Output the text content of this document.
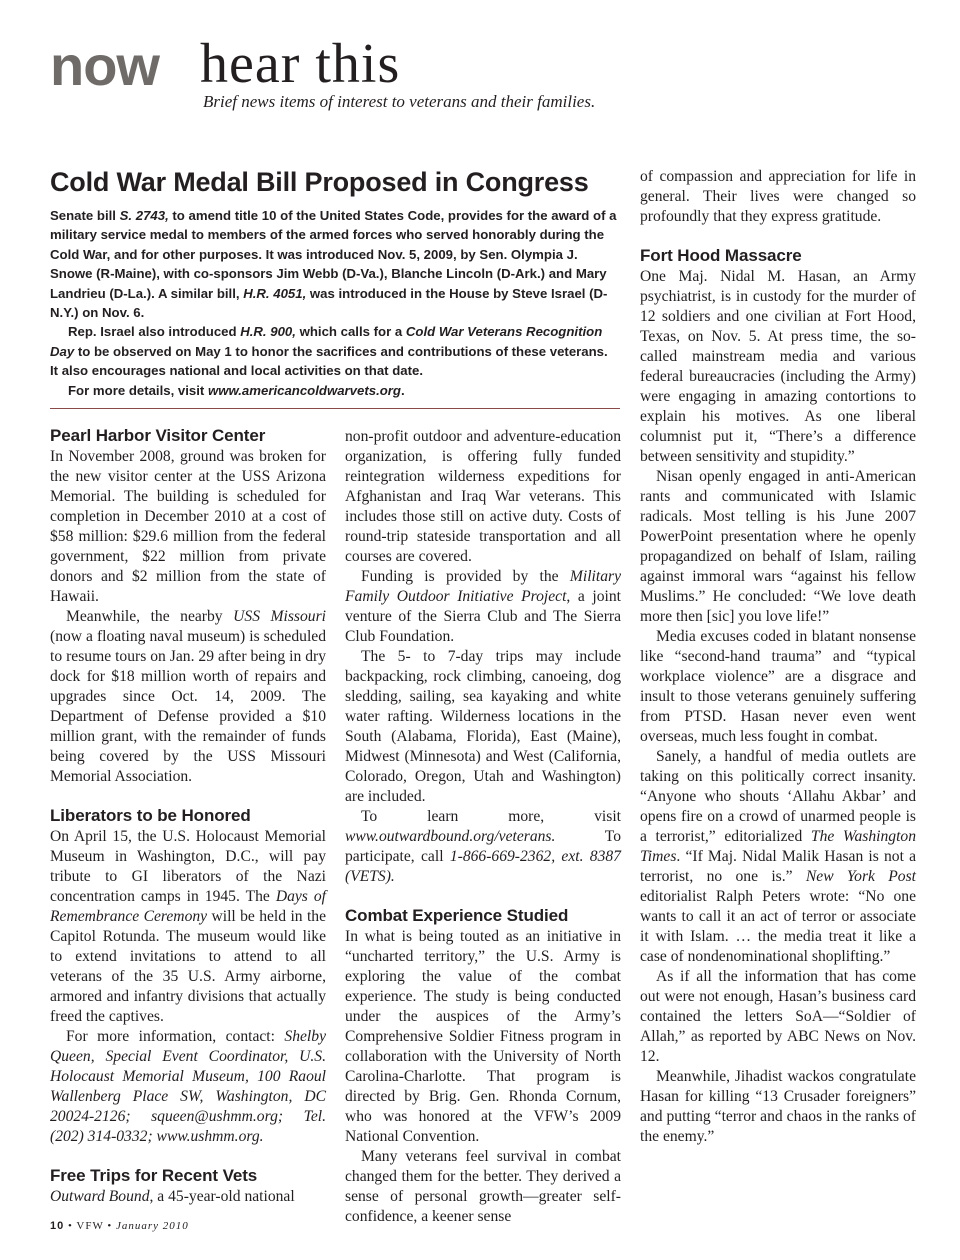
now hear this
Brief news items of interest to veterans and their families.
Cold War Medal Bill Proposed in Congress

Senate bill S. 2743, to amend title 10 of the United States Code, provides for the award of a military service medal to members of the armed forces who served honorably during the Cold War, and for other purposes. It was introduced Nov. 5, 2009, by Sen. Olympia J. Snowe (R-Maine), with co-sponsors Jim Webb (D-Va.), Blanche Lincoln (D-Ark.) and Mary Landrieu (D-La.). A similar bill, H.R. 4051, was introduced in the House by Steve Israel (D-N.Y.) on Nov. 6.

Rep. Israel also introduced H.R. 900, which calls for a Cold War Veterans Recognition Day to be observed on May 1 to honor the sacrifices and contributions of these veterans. It also encourages national and local activities on that date.

For more details, visit www.americancoldwarvets.org.

Pearl Harbor Visitor Center

In November 2008, ground was broken for the new visitor center at the USS Arizona Memorial. The building is scheduled for completion in December 2010 at a cost of $58 million: $29.6 million from the federal government, $22 million from private donors and $2 million from the state of Hawaii.

Meanwhile, the nearby USS Missouri (now a floating naval museum) is scheduled to resume tours on Jan. 29 after being in dry dock for $18 million worth of repairs and upgrades since Oct. 14, 2009. The Department of Defense provided a $10 million grant, with the remainder of funds being covered by the USS Missouri Memorial Association.

Liberators to be Honored

On April 15, the U.S. Holocaust Memorial Museum in Washington, D.C., will pay tribute to GI liberators of the Nazi concentration camps in 1945. The Days of Remembrance Ceremony will be held in the Capitol Rotunda. The museum would like to extend invitations to attend to all veterans of the 35 U.S. Army airborne, armored and infantry divisions that actually freed the captives.

For more information, contact: Shelby Queen, Special Event Coordinator, U.S. Holocaust Memorial Museum, 100 Raoul Wallenberg Place SW, Washington, DC 20024-2126; squeen@ushmm.org; Tel. (202) 314-0332; www.ushmm.org.

Free Trips for Recent Vets

Outward Bound, a 45-year-old national

non-profit outdoor and adventure-education organization, is offering fully funded reintegration wilderness expeditions for Afghanistan and Iraq War veterans. This includes those still on active duty. Costs of round-trip stateside transportation and all courses are covered.

Funding is provided by the Military Family Outdoor Initiative Project, a joint venture of the Sierra Club and The Sierra Club Foundation.

The 5- to 7-day trips may include backpacking, rock climbing, canoeing, dog sledding, sailing, sea kayaking and white water rafting. Wilderness locations in the South (Alabama, Florida), East (Maine), Midwest (Minnesota) and West (California, Colorado, Oregon, Utah and Washington) are included.

To learn more, visit www.outwardbound.org/veterans. To participate, call 1-866-669-2362, ext. 8387 (VETS).

Combat Experience Studied

In what is being touted as an initiative in “uncharted territory,” the U.S. Army is exploring the value of the combat experience. The study is being conducted under the auspices of the Army’s Comprehensive Soldier Fitness program in collaboration with the University of North Carolina-Charlotte. That program is directed by Brig. Gen. Rhonda Cornum, who was honored at the VFW’s 2009 National Convention.

Many veterans feel survival in combat changed them for the better. They derived a sense of personal growth—greater self-confidence, a keener sense

of compassion and appreciation for life in general. Their lives were changed so profoundly that they express gratitude.

Fort Hood Massacre

One Maj. Nidal M. Hasan, an Army psychiatrist, is in custody for the murder of 12 soldiers and one civilian at Fort Hood, Texas, on Nov. 5. At press time, the so-called mainstream media and various federal bureaucracies (including the Army) were engaging in amazing contortions to explain his motives. As one liberal columnist put it, “There’s a difference between sensitivity and stupidity.”

Nisan openly engaged in anti-American rants and communicated with Islamic radicals. Most telling is his June 2007 PowerPoint presentation where he openly propagandized on behalf of Islam, railing against immoral wars “against his fellow Muslims.” He concluded: “We love death more then [sic] you love life!”

Media excuses coded in blatant nonsense like “second-hand trauma” and “typical workplace violence” are a disgrace and insult to those veterans genuinely suffering from PTSD. Hasan never even went overseas, much less fought in combat.

Sanely, a handful of media outlets are taking on this politically correct insanity. “Anyone who shouts ‘Allahu Akbar’ and opens fire on a crowd of unarmed people is a terrorist,” editorialized The Washington Times. “If Maj. Nidal Malik Hasan is not a terrorist, no one is.” New York Post editorialist Ralph Peters wrote: “No one wants to call it an act of terror or associate it with Islam. … the media treat it like a case of nondenominational shoplifting.”

As if all the information that has come out were not enough, Hasan’s business card contained the letters SoA—“Soldier of Allah,” as reported by ABC News on Nov. 12.

Meanwhile, Jihadist wackos congratulate Hasan for killing “13 Crusader foreigners” and putting “terror and chaos in the ranks of the enemy.”

10 • VFW • January 2010
